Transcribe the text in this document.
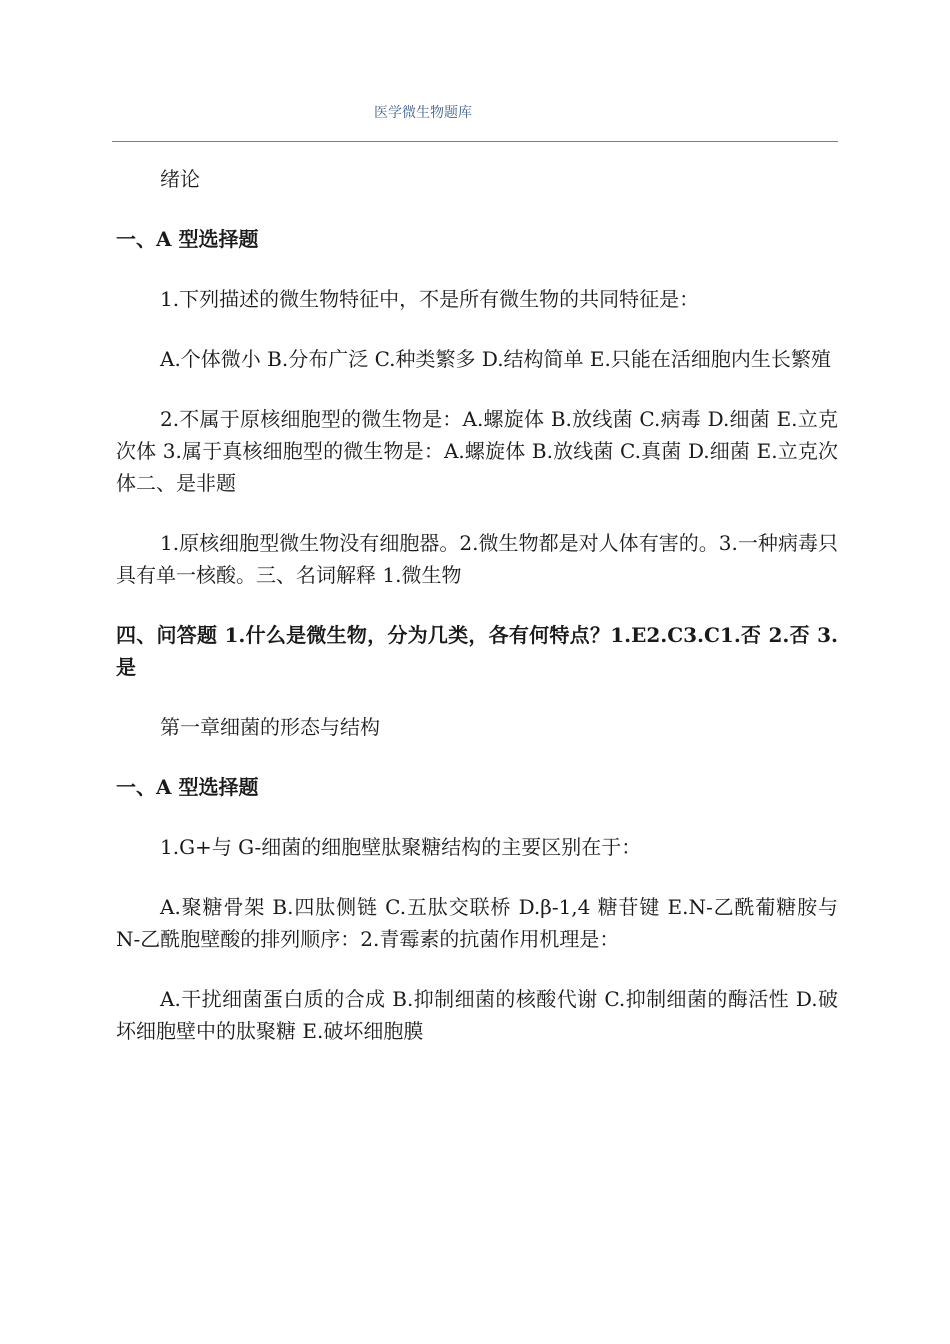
医学微生物题库

绪论

一、A 型选择题

1.下列描述的微生物特征中，不是所有微生物的共同特征是：

A.个体微小 B.分布广泛 C.种类繁多 D.结构简单 E.只能在活细胞内生长繁殖

2.不属于原核细胞型的微生物是：A.螺旋体 B.放线菌 C.病毒 D.细菌 E.立克次体 3.属于真核细胞型的微生物是：A.螺旋体 B.放线菌 C.真菌 D.细菌 E.立克次体二、是非题

1.原核细胞型微生物没有细胞器。2.微生物都是对人体有害的。3.一种病毒只具有单一核酸。三、名词解释 1.微生物

四、问答题 1.什么是微生物，分为几类，各有何特点？1.E2.C3.C1.否 2.否 3.是

第一章细菌的形态与结构

一、A 型选择题

1.G+与 G-细菌的细胞壁肽聚糖结构的主要区别在于：

A.聚糖骨架 B.四肽侧链 C.五肽交联桥 D.β-1,4 糖苷键 E.N-乙酰葡糖胺与 N-乙酰胞壁酸的排列顺序：2.青霉素的抗菌作用机理是：

A.干扰细菌蛋白质的合成 B.抑制细菌的核酸代谢 C.抑制细菌的酶活性 D.破坏细胞壁中的肽聚糖 E.破坏细胞膜
